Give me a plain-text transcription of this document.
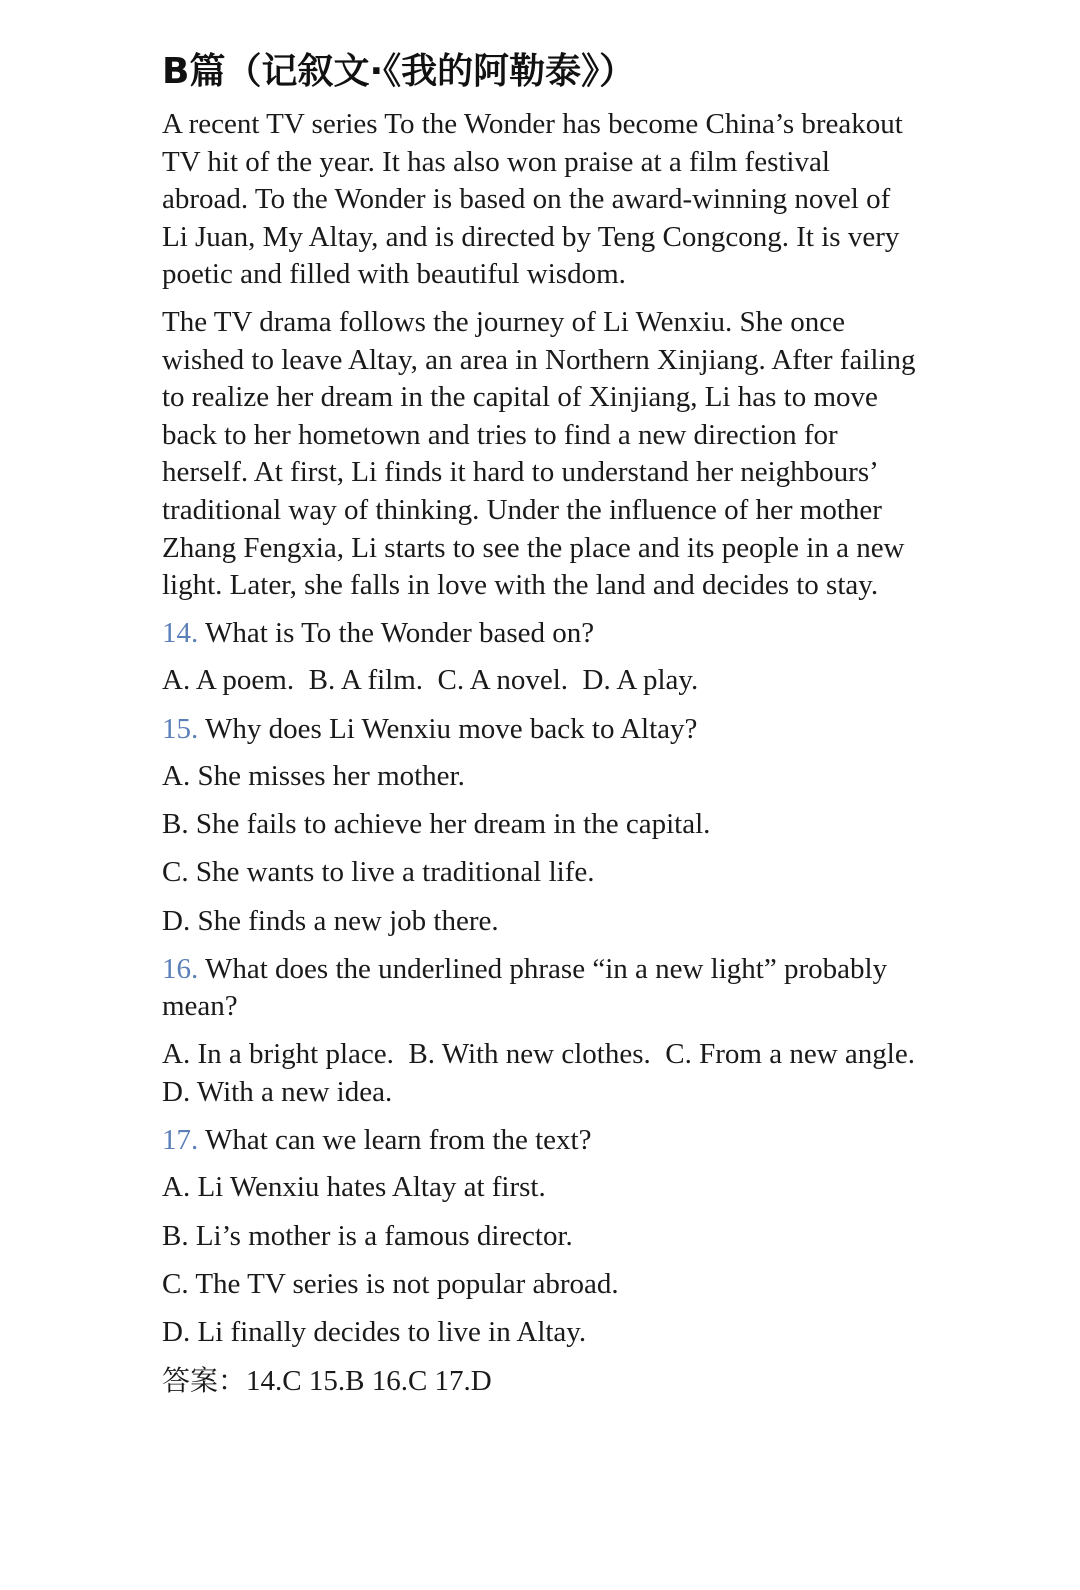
B篇（记叙文·《我的阿勒泰》）

A recent TV series To the Wonder has become China’s breakout TV hit of the year. It has also won praise at a film festival abroad. To the Wonder is based on the award-winning novel of Li Juan, My Altay, and is directed by Teng Congcong. It is very poetic and filled with beautiful wisdom.

The TV drama follows the journey of Li Wenxiu. She once wished to leave Altay, an area in Northern Xinjiang. After failing to realize her dream in the capital of Xinjiang, Li has to move back to her hometown and tries to find a new direction for herself. At first, Li finds it hard to understand her neighbours’ traditional way of thinking. Under the influence of her mother Zhang Fengxia, Li starts to see the place and its people in a new light. Later, she falls in love with the land and decides to stay.

14. What is To the Wonder based on?

A. A poem.  B. A film.  C. A novel.  D. A play.

15. Why does Li Wenxiu move back to Altay?

A. She misses her mother.

B. She fails to achieve her dream in the capital.

C. She wants to live a traditional life.

D. She finds a new job there.

16. What does the underlined phrase “in a new light” probably mean?

A. In a bright place.  B. With new clothes.  C. From a new angle.  D. With a new idea.

17. What can we learn from the text?

A. Li Wenxiu hates Altay at first.

B. Li’s mother is a famous director.

C. The TV series is not popular abroad.

D. Li finally decides to live in Altay.

答案：14.C 15.B 16.C 17.D
